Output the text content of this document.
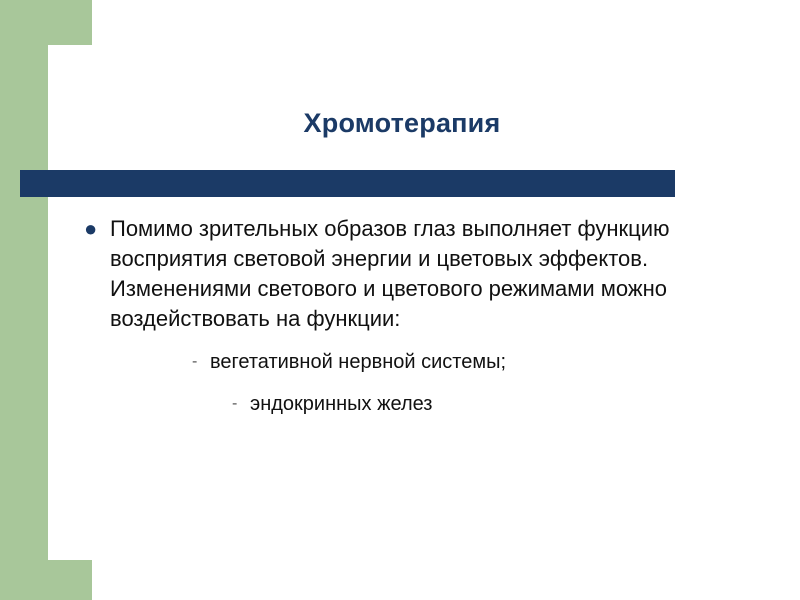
Хромотерапия
● Помимо зрительных образов глаз выполняет функцию восприятия световой энергии и цветовых эффектов. Изменениями светового и цветового режимами можно воздействовать на функции:
- вегетативной нервной системы;
- эндокринных желез
